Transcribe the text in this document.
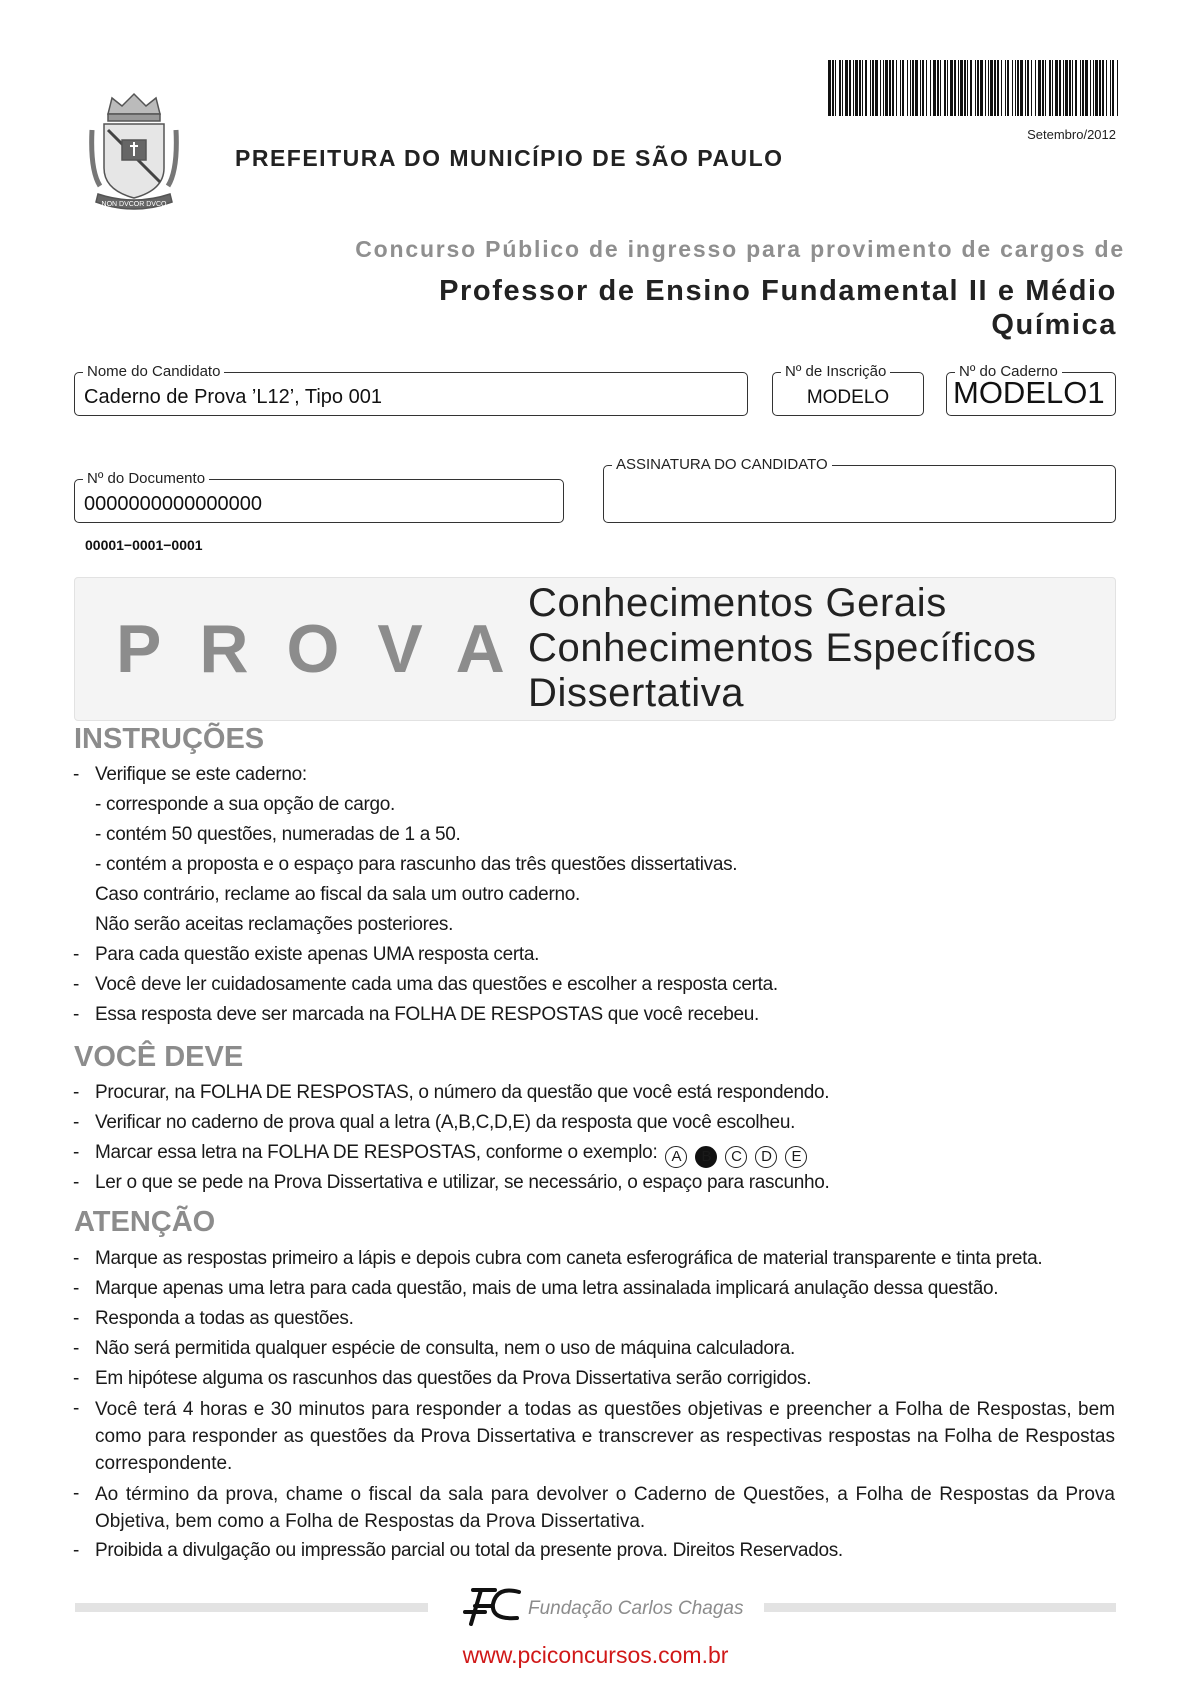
NON DVCOR DVCO
Setembro/2012
PREFEITURA DO MUNICÍPIO DE SÃO PAULO
Concurso Público de ingresso para provimento de cargos de
Professor de Ensino Fundamental II e Médio
Química
Nome do Candidato
Caderno de Prova ’L12’, Tipo 001
Nº de Inscrição
MODELO
Nº do Caderno
MODELO1
Nº do Documento
0000000000000000
ASSINATURA DO CANDIDATO
00001−0001−0001
PROVA
Conhecimentos Gerais
Conhecimentos Específicos
Dissertativa
INSTRUÇÕES
- Verifique se este caderno:
- corresponde a sua opção de cargo.
- contém 50 questões, numeradas de 1 a 50.
- contém a proposta e o espaço para rascunho das três questões dissertativas.
Caso contrário, reclame ao fiscal da sala um outro caderno.
Não serão aceitas reclamações posteriores.
- Para cada questão existe apenas UMA resposta certa.
- Você deve ler cuidadosamente cada uma das questões e escolher a resposta certa.
- Essa resposta deve ser marcada na FOLHA DE RESPOSTAS que você recebeu.
VOCÊ DEVE
- Procurar, na FOLHA DE RESPOSTAS, o número da questão que você está respondendo.
- Verificar no caderno de prova qual a letra (A,B,C,D,E) da resposta que você escolheu.
- Marcar essa letra na FOLHA DE RESPOSTAS, conforme o exemplo: A B C D E
- Ler o que se pede na Prova Dissertativa e utilizar, se necessário, o espaço para rascunho.
ATENÇÃO
- Marque as respostas primeiro a lápis e depois cubra com caneta esferográfica de material transparente e tinta preta.
- Marque apenas uma letra para cada questão, mais de uma letra assinalada implicará anulação dessa questão.
- Responda a todas as questões.
- Não será permitida qualquer espécie de consulta, nem o uso de máquina calculadora.
- Em hipótese alguma os rascunhos das questões da Prova Dissertativa serão corrigidos.
- Você terá 4 horas e 30 minutos para responder a todas as questões objetivas e preencher a Folha de Respostas, bem como para responder as questões da Prova Dissertativa e transcrever as respectivas respostas na Folha de Respostas correspondente.
- Ao término da prova, chame o fiscal da sala para devolver o Caderno de Questões, a Folha de Respostas da Prova Objetiva, bem como a Folha de Respostas da Prova Dissertativa.
- Proibida a divulgação ou impressão parcial ou total da presente prova. Direitos Reservados.
Fundação Carlos Chagas
www.pciconcursos.com.br
